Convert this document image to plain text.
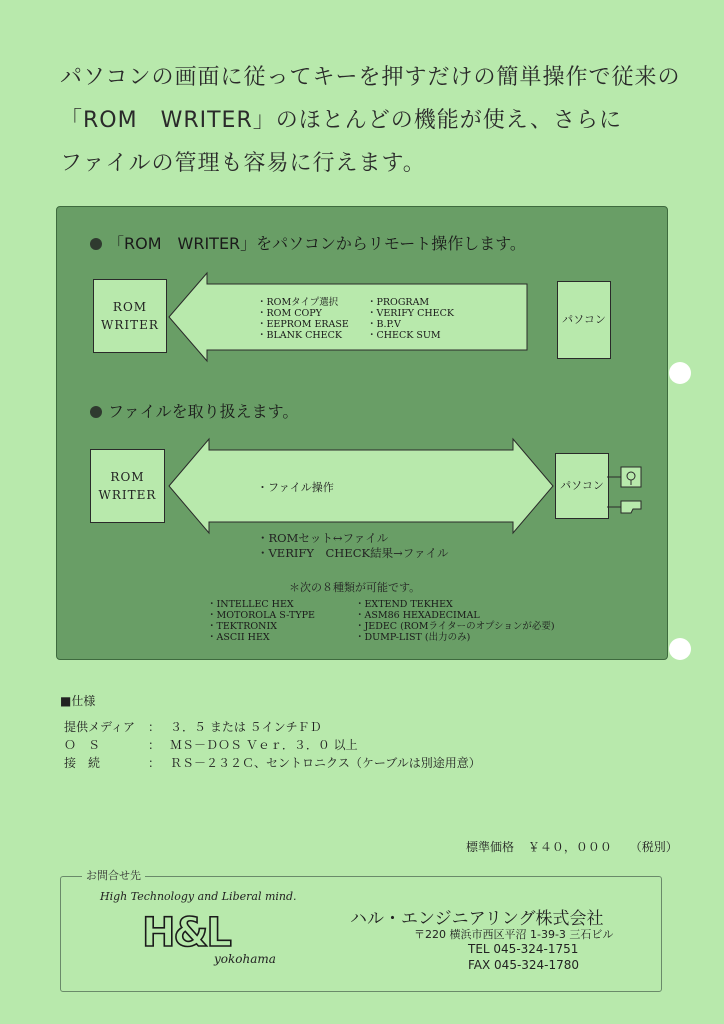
パソコンの画面に従ってキーを押すだけの簡単操作で従来の
「ROM　WRITER」のほとんどの機能が使え、さらに
ファイルの管理も容易に行えます。
「ROM　WRITER」をパソコンからリモート操作します。
ROM
WRITER
・ROMタイプ選択
・ROM COPY
・EEPROM ERASE
・BLANK CHECK
・PROGRAM
・VERIFY CHECK
・B.P.V
・CHECK SUM
パソコン
ファイルを取り扱えます。
ROM
WRITER
・ファイル操作	パソコン
・ROMセット↔ファイル
・VERIFY　CHECK結果→ファイル
＊次の８種類が可能です。
・INTELLEC HEX
・MOTOROLA S-TYPE
・TEKTRONIX
・ASCII HEX
・EXTEND TEKHEX
・ASM86 HEXADECIMAL
・JEDEC (ROMライターのオプションが必要)
・DUMP-LIST (出力のみ)
■仕様
提供メディア ： ３．５ または ５インチＦＤ
Ｏ　Ｓ	： ＭＳ－ＤＯＳ Ｖｅｒ．３．０ 以上
接　続	： ＲＳ－２３２Ｃ、セントロニクス（ケーブルは別途用意）
標準価格 ￥４０，０００ （税別）
お問合せ先
High Technology and Liberal mind.
H&L
yokohama
ハル・エンジニアリング株式会社
〒220 横浜市西区平沼 1-39-3 三石ビル
TEL 045-324-1751
FAX 045-324-1780
